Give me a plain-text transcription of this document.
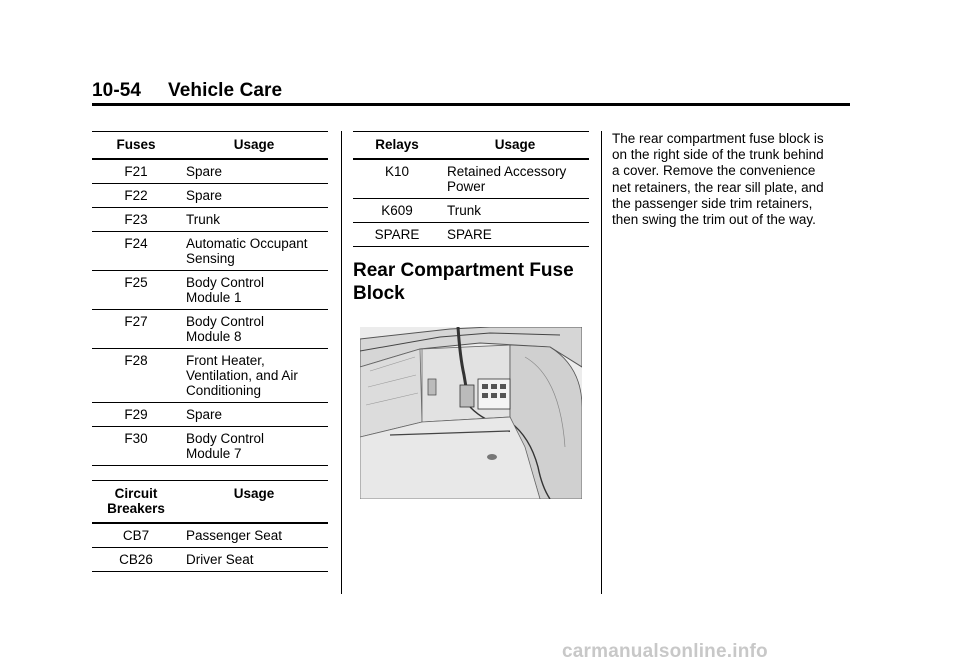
10-54 Vehicle Care
Fuses	Usage
F21	Spare

F22	Spare

F23	Trunk

F24	Automatic Occupant
Sensing

F25	Body Control
Module 1

F27	Body Control
Module 8

F28	Front Heater,
Ventilation, and Air
Conditioning

F29	Spare

F30	Body Control
Module 7
Circuit
Breakers	Usage
CB7	Passenger Seat

CB26	Driver Seat
Relays	Usage
K10	Retained Accessory
Power

K609	Trunk

SPARE	SPARE
Rear Compartment Fuse
Block
The rear compartment fuse block is
on the right side of the trunk behind
a cover. Remove the convenience
net retainers, the rear sill plate, and
the passenger side trim retainers,
then swing the trim out of the way.
carmanualsonline.info
